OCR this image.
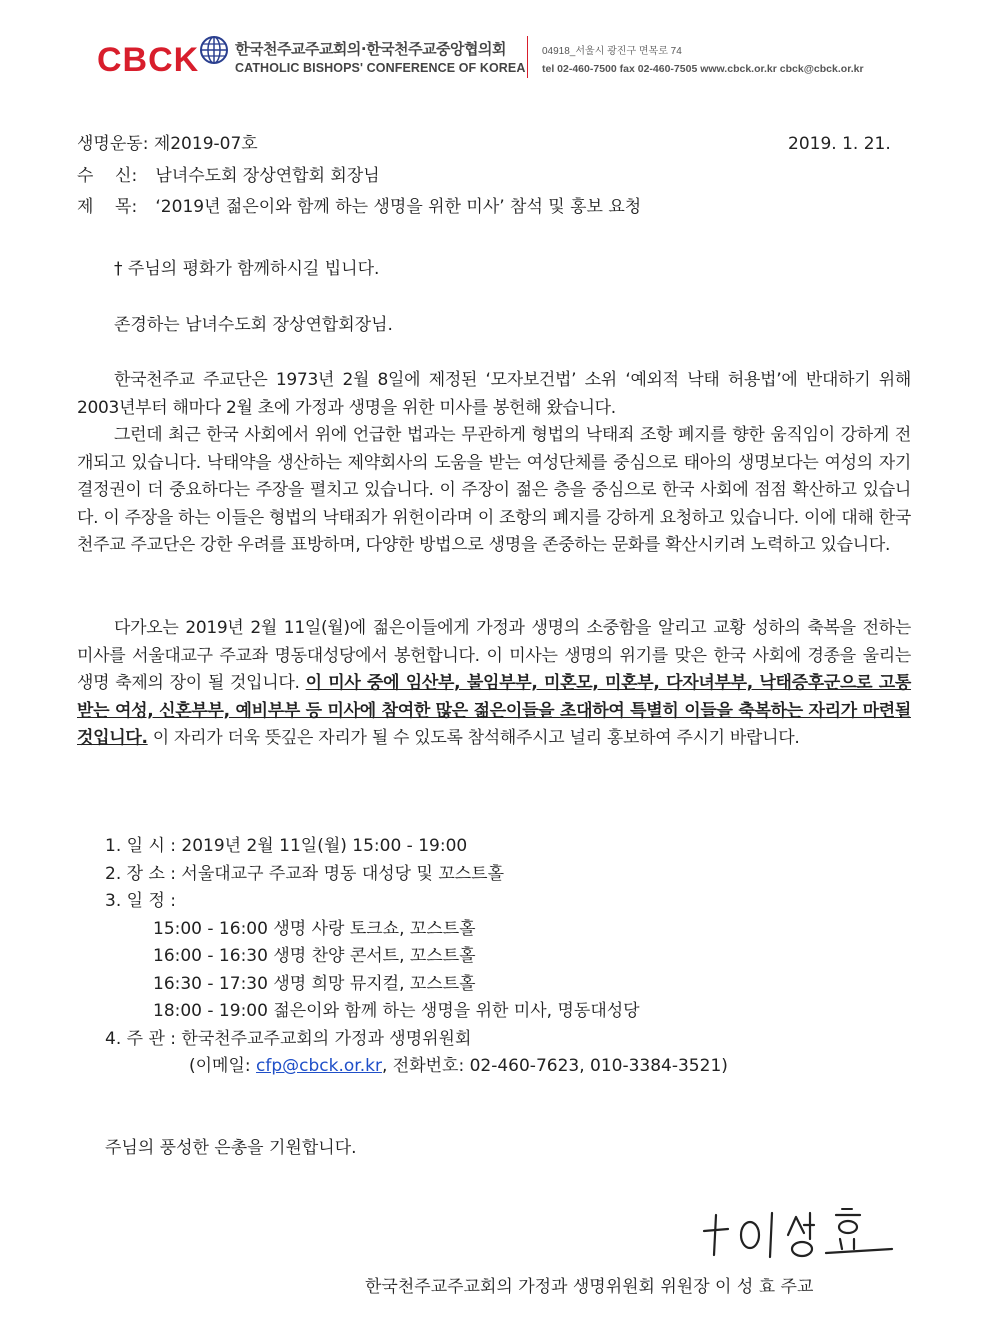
CBCK 한국천주교주교회의·한국천주교중앙협의회
CATHOLIC BISHOPS' CONFERENCE OF KOREA
04918_서울시 광진구 면목로 74
tel 02-460-7500 fax 02-460-7505 www.cbck.or.kr cbck@cbck.or.kr
생명운동: 제2019-07호	2019. 1. 21.
수    신: 남녀수도회 장상연합회 회장님
제    목: ‘2019년 젊은이와 함께 하는 생명을 위한 미사’ 참석 및 홍보 요청
† 주님의 평화가 함께하시길 빕니다.
존경하는 남녀수도회 장상연합회장님.
한국천주교 주교단은 1973년 2월 8일에 제정된 ‘모자보건법’ 소위 ‘예외적 낙태 허용법’에 반대하기 위해 2003년부터 해마다 2월 초에 가정과 생명을 위한 미사를 봉헌해 왔습니다.
그런데 최근 한국 사회에서 위에 언급한 법과는 무관하게 형법의 낙태죄 조항 폐지를 향한 움직임이 강하게 전개되고 있습니다. 낙태약을 생산하는 제약회사의 도움을 받는 여성단체를 중심으로 태아의 생명보다는 여성의 자기 결정권이 더 중요하다는 주장을 펼치고 있습니다. 이 주장이 젊은 층을 중심으로 한국 사회에 점점 확산하고 있습니다. 이 주장을 하는 이들은 형법의 낙태죄가 위헌이라며 이 조항의 폐지를 강하게 요청하고 있습니다. 이에 대해 한국천주교 주교단은 강한 우려를 표방하며, 다양한 방법으로 생명을 존중하는 문화를 확산시키려 노력하고 있습니다.
다가오는 2019년 2월 11일(월)에 젊은이들에게 가정과 생명의 소중함을 알리고 교황 성하의 축복을 전하는 미사를 서울대교구 주교좌 명동대성당에서 봉헌합니다. 이 미사는 생명의 위기를 맞은 한국 사회에 경종을 울리는 생명 축제의 장이 될 것입니다. 이 미사 중에 임산부, 불임부부, 미혼모, 미혼부, 다자녀부부, 낙태증후군으로 고통받는 여성, 신혼부부, 예비부부 등 미사에 참여한 많은 젊은이들을 초대하여 특별히 이들을 축복하는 자리가 마련될 것입니다. 이 자리가 더욱 뜻깊은 자리가 될 수 있도록 참석해주시고 널리 홍보하여 주시기 바랍니다.
1. 일 시 : 2019년 2월 11일(월) 15:00 - 19:00
2. 장 소 : 서울대교구 주교좌 명동 대성당 및 꼬스트홀
3. 일 정 :
15:00 - 16:00 생명 사랑 토크쇼, 꼬스트홀
16:00 - 16:30 생명 찬양 콘서트, 꼬스트홀
16:30 - 17:30 생명 희망 뮤지컬, 꼬스트홀
18:00 - 19:00 젊은이와 함께 하는 생명을 위한 미사, 명동대성당
4. 주 관 : 한국천주교주교회의 가정과 생명위원회
(이메일: cfp@cbck.or.kr, 전화번호: 02-460-7623, 010-3384-3521)
주님의 풍성한 은총을 기원합니다.
한국천주교주교회의 가정과 생명위원회 위원장 이 성 효 주교
